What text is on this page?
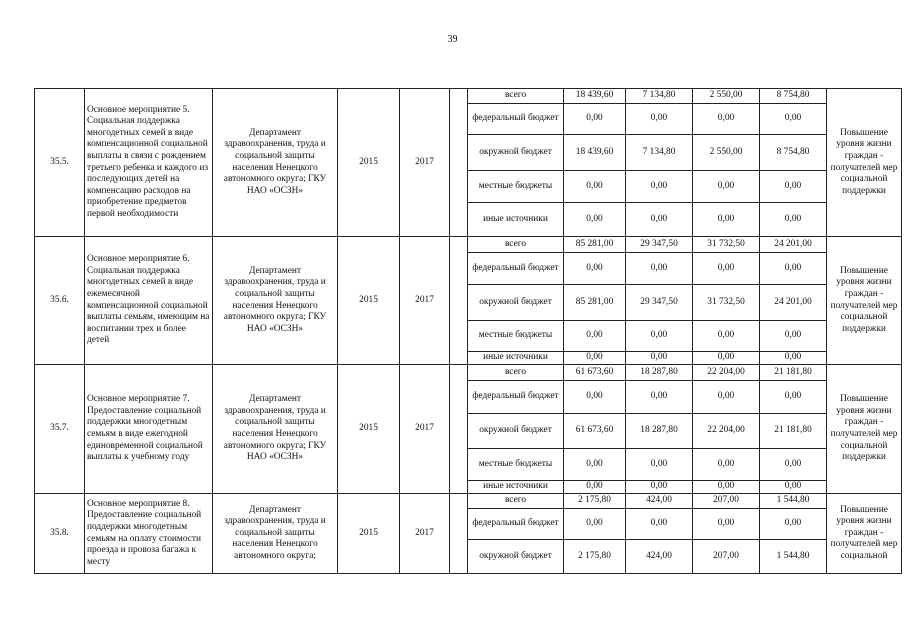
39
35.5.	Основное мероприятие 5. Социальная поддержка многодетных семей в виде компенсационной социальной выплаты в связи с рождением третьего ребенка и каждого из последующих детей на компенсацию расходов на приобретение предметов первой необходимости	Департамент здравоохранения, труда и социальной защиты населения Ненецкого автономного округа; ГКУ НАО «ОСЗН»	2015	2017		всего	18 439,60	7 134,80	2 550,00	8 754,80	Повышение уровня жизни граждан - получателей мер социальной поддержки
						федеральный бюджет	0,00	0,00	0,00	0,00	
						окружной бюджет	18 439,60	7 134,80	2 550,00	8 754,80	
						местные бюджеты	0,00	0,00	0,00	0,00	
						иные источники	0,00	0,00	0,00	0,00	
35.6.	Основное мероприятие 6. Социальная поддержка многодетных семей в виде ежемесячной компенсационной социальной выплаты семьям, имеющим на воспитании трех и более детей	Департамент здравоохранения, труда и социальной защиты населения Ненецкого автономного округа; ГКУ НАО «ОСЗН»	2015	2017		всего	85 281,00	29 347,50	31 732,50	24 201,00	Повышение уровня жизни граждан - получателей мер социальной поддержки
						федеральный бюджет	0,00	0,00	0,00	0,00	
						окружной бюджет	85 281,00	29 347,50	31 732,50	24 201,00	
						местные бюджеты	0,00	0,00	0,00	0,00	
						иные источники	0,00	0,00	0,00	0,00	
35.7.	Основное мероприятие 7. Предоставление социальной поддержки многодетным семьям в виде ежегодной единовременной социальной выплаты к учебному году	Департамент здравоохранения, труда и социальной защиты населения Ненецкого автономного округа; ГКУ НАО «ОСЗН»	2015	2017		всего	61 673,60	18 287,80	22 204,00	21 181,80	Повышение уровня жизни граждан - получателей мер социальной поддержки
						федеральный бюджет	0,00	0,00	0,00	0,00	
						окружной бюджет	61 673,60	18 287,80	22 204,00	21 181,80	
						местные бюджеты	0,00	0,00	0,00	0,00	
						иные источники	0,00	0,00	0,00	0,00	
35.8.	Основное мероприятие 8. Предоставление социальной поддержки многодетным семьям на оплату стоимости проезда и провоза багажа к месту	Департамент здравоохранения, труда и социальной защиты населения Ненецкого автономного округа;	2015	2017		всего	2 175,80	424,00	207,00	1 544,80	Повышение уровня жизни граждан - получателей мер социальной
						федеральный бюджет	0,00	0,00	0,00	0,00	
						окружной бюджет	2 175,80	424,00	207,00	1 544,80	
